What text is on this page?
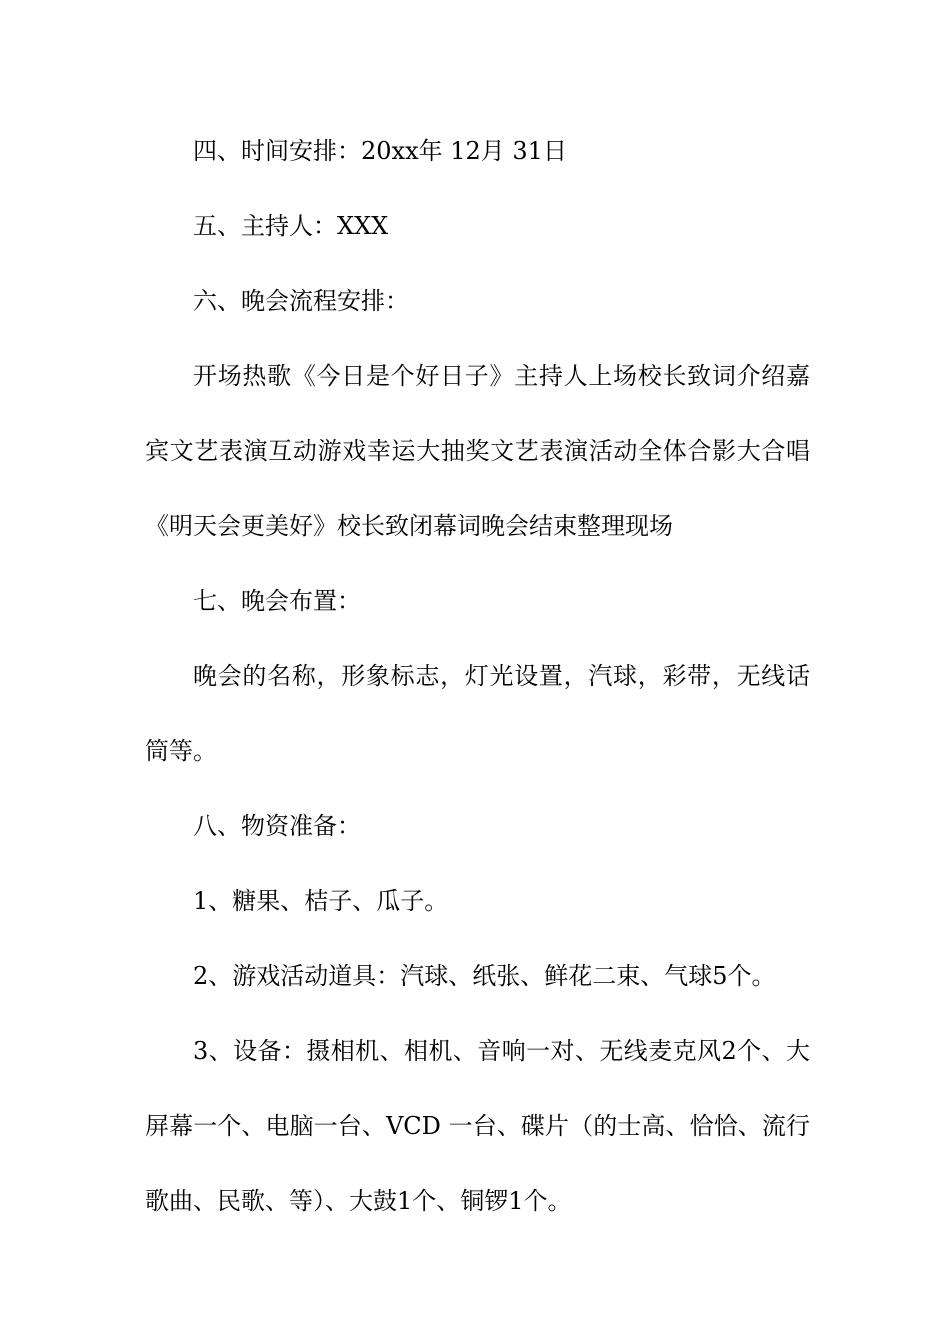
四、时间安排：20xx年 12月 31日
五、主持人：XXX
六、晚会流程安排：
开场热歌《今日是个好日子》主持人上场校长致词介绍嘉
宾文艺表演互动游戏幸运大抽奖文艺表演活动全体合影大合唱
《明天会更美好》校长致闭幕词晚会结束整理现场
七、晚会布置：
晚会的名称，形象标志，灯光设置，汽球，彩带，无线话
筒等。
八、物资准备：
1、糖果、桔子、瓜子。
2、游戏活动道具：汽球、纸张、鲜花二束、气球5个。
3、设备：摄相机、相机、音响一对、无线麦克风2个、大
屏幕一个、电脑一台、VCD 一台、碟片（的士高、恰恰、流行
歌曲、民歌、等）、大鼓1个、铜锣1个。
